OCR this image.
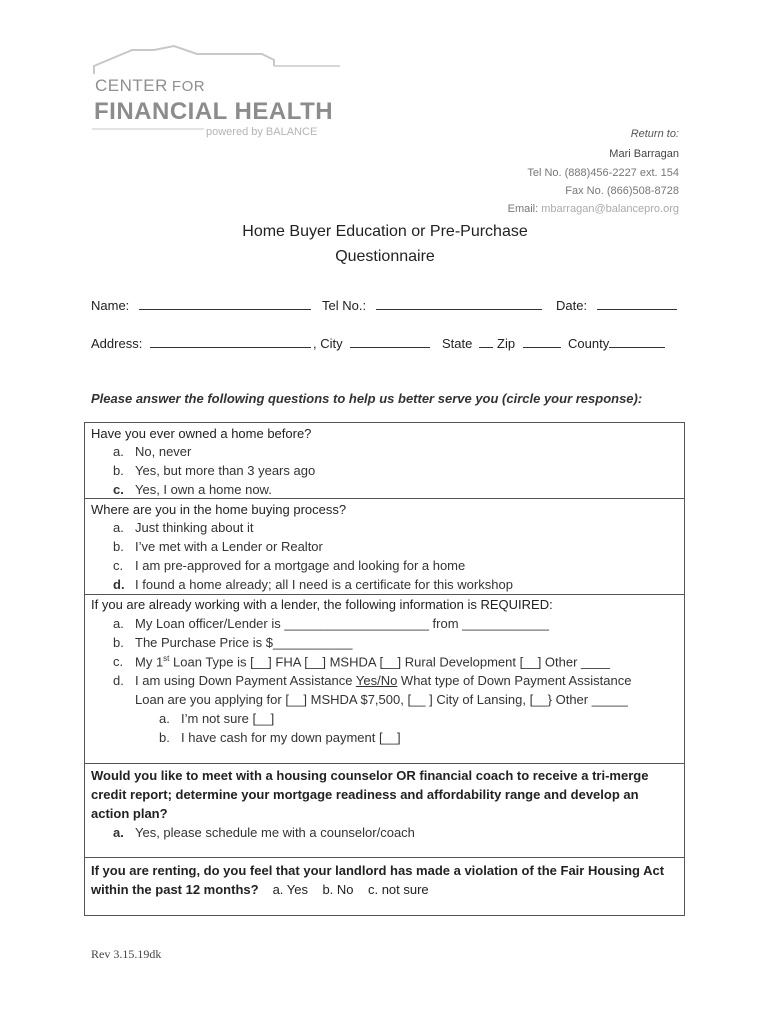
CENTER FOR
FINANCIAL HEALTH
powered by BALANCE	Return to:
Mari Barragan
Tel No. (888)456-2227 ext. 154
Fax No. (866)508-8728
Email: mbarragan@balancepro.org
Home Buyer Education or Pre-Purchase
Questionnaire
Name:	Tel No.:	Date:
Address:	, City	State	Zip	County
Please answer the following questions to help us better serve you (circle your response):
Have you ever owned a home before?
a. No, never
b. Yes, but more than 3 years ago
c. Yes, I own a home now.
Where are you in the home buying process?
a. Just thinking about it
b. I’ve met with a Lender or Realtor
c. I am pre-approved for a mortgage and looking for a home
d. I found a home already; all I need is a certificate for this workshop
If you are already working with a lender, the following information is REQUIRED:
a. My Loan officer/Lender is ____________________ from ____________
b. The Purchase Price is $___________
c. My 1st Loan Type is [__] FHA [__] MSHDA [__] Rural Development [__] Other ____
d. I am using Down Payment Assistance Yes/No What type of Down Payment Assistance
Loan are you applying for [__] MSHDA $7,500, [__ ] City of Lansing, [__} Other _____
a. I’m not sure [__]
b. I have cash for my down payment [__]
Would you like to meet with a housing counselor OR financial coach to receive a tri-merge
credit report; determine your mortgage readiness and affordability range and develop an
action plan?
a. Yes, please schedule me with a counselor/coach
If you are renting, do you feel that your landlord has made a violation of the Fair Housing Act
within the past 12 months? a. Yes    b. No    c. not sure
Rev 3.15.19dk
